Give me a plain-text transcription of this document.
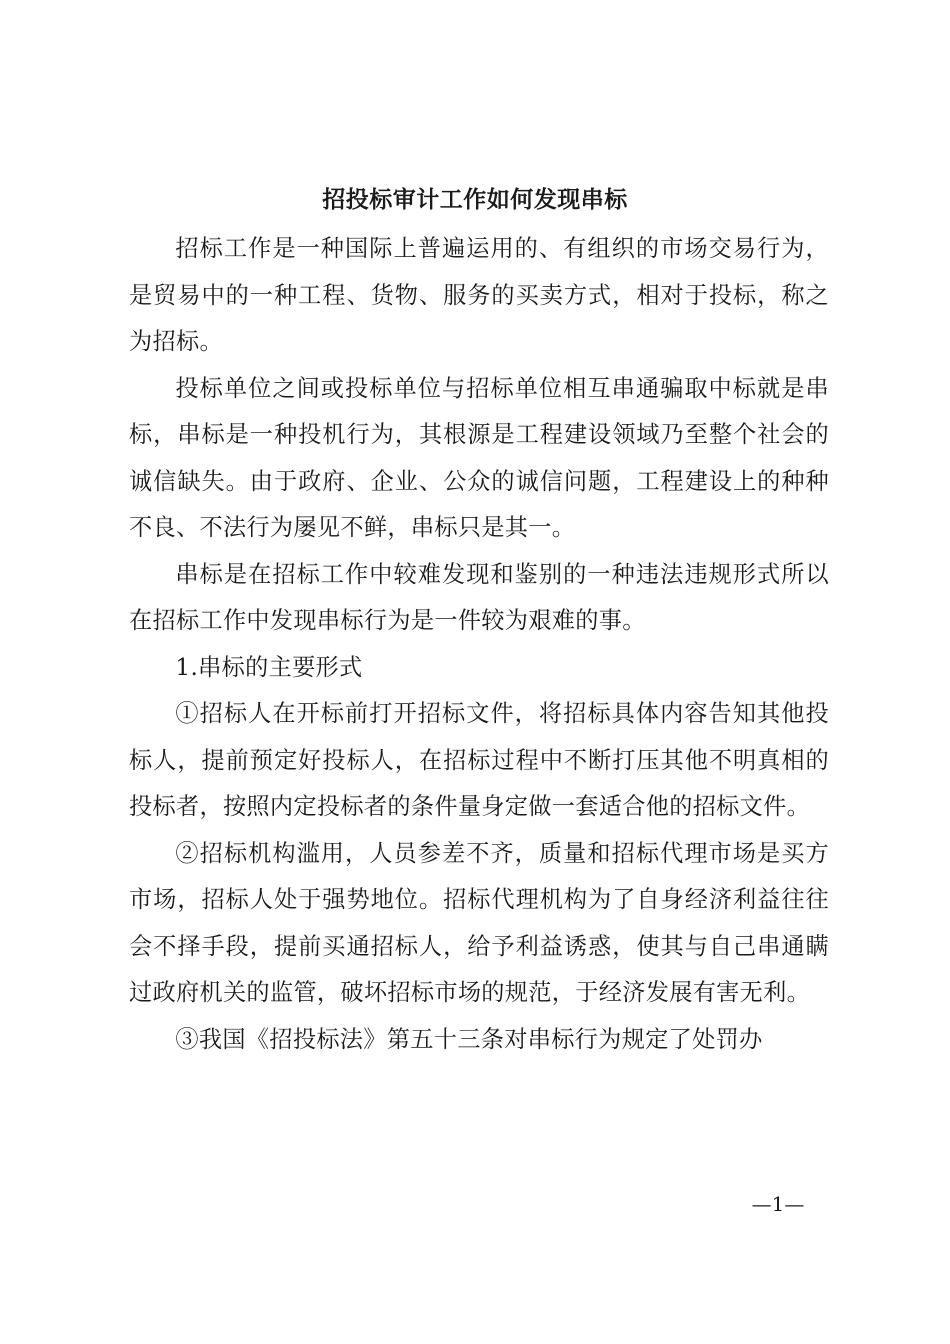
招投标审计工作如何发现串标

招标工作是一种国际上普遍运用的、有组织的市场交易行为，是贸易中的一种工程、货物、服务的买卖方式，相对于投标，称之为招标。

投标单位之间或投标单位与招标单位相互串通骗取中标就是串标，串标是一种投机行为，其根源是工程建设领域乃至整个社会的诚信缺失。由于政府、企业、公众的诚信问题，工程建设上的种种不良、不法行为屡见不鲜，串标只是其一。

串标是在招标工作中较难发现和鉴别的一种违法违规形式所以在招标工作中发现串标行为是一件较为艰难的事。

1.串标的主要形式

①招标人在开标前打开招标文件，将招标具体内容告知其他投标人，提前预定好投标人，在招标过程中不断打压其他不明真相的投标者，按照内定投标者的条件量身定做一套适合他的招标文件。

②招标机构滥用，人员参差不齐，质量和招标代理市场是买方市场，招标人处于强势地位。招标代理机构为了自身经济利益往往会不择手段，提前买通招标人，给予利益诱惑，使其与自己串通瞒过政府机关的监管，破坏招标市场的规范，于经济发展有害无利。

③我国《招投标法》第五十三条对串标行为规定了处罚办

—1—
